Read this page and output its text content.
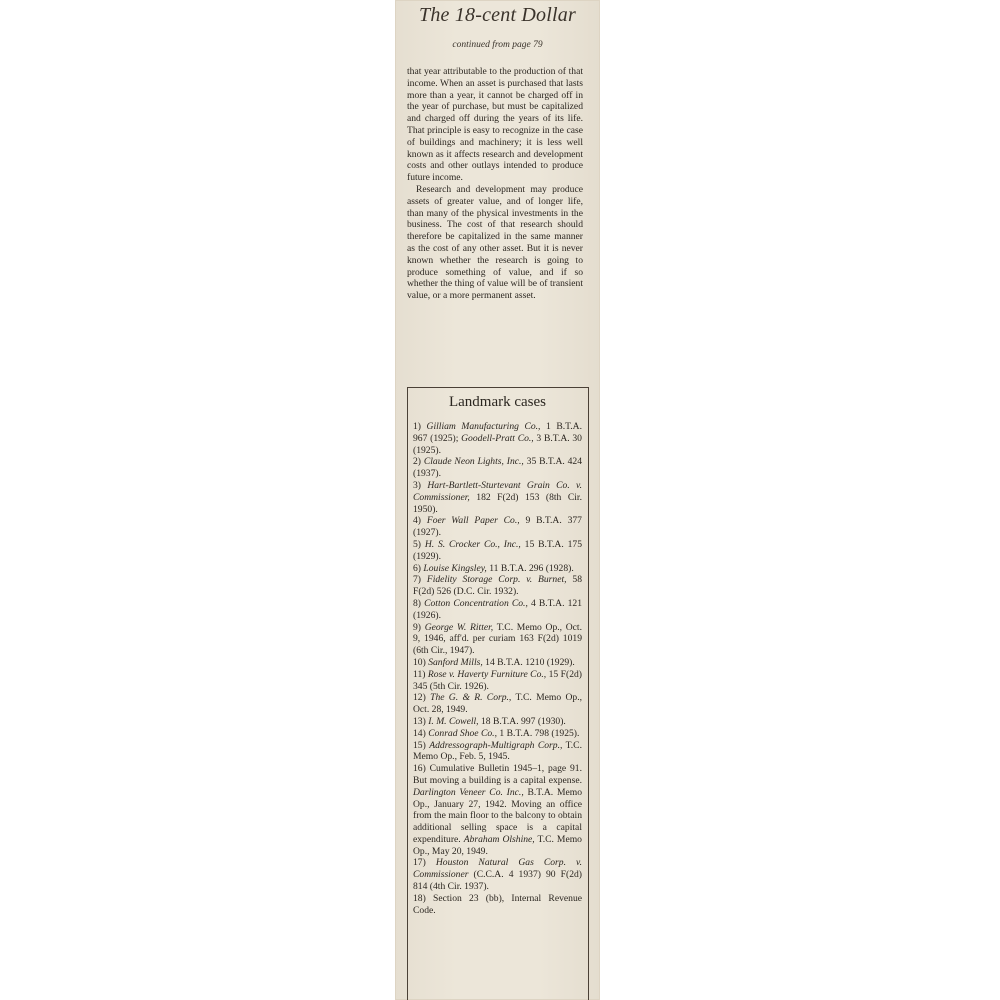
The 18-cent Dollar
continued from page 79

that year attributable to the production of that income. When an asset is purchased that lasts more than a year, it cannot be charged off in the year of purchase, but must be capitalized and charged off during the years of its life. That principle is easy to recognize in the case of buildings and machinery; it is less well known as it affects research and development costs and other outlays intended to produce future income.

Research and development may produce assets of greater value, and of longer life, than many of the physical investments in the business. The cost of that research should therefore be capitalized in the same manner as the cost of any other asset. But it is never known whether the research is going to produce something of value, and if so whether the thing of value will be of transient value, or a more permanent asset.

Landmark cases

1) Gilliam Manufacturing Co., 1 B.T.A. 967 (1925); Goodell-Pratt Co., 3 B.T.A. 30 (1925).

2) Claude Neon Lights, Inc., 35 B.T.A. 424 (1937).

3) Hart-Bartlett-Sturtevant Grain Co. v. Commissioner, 182 F(2d) 153 (8th Cir. 1950).

4) Foer Wall Paper Co., 9 B.T.A. 377 (1927).

5) H. S. Crocker Co., Inc., 15 B.T.A. 175 (1929).

6) Louise Kingsley, 11 B.T.A. 296 (1928).

7) Fidelity Storage Corp. v. Burnet, 58 F(2d) 526 (D.C. Cir. 1932).

8) Cotton Concentration Co., 4 B.T.A. 121 (1926).

9) George W. Ritter, T.C. Memo Op., Oct. 9, 1946, aff'd. per curiam 163 F(2d) 1019 (6th Cir., 1947).

10) Sanford Mills, 14 B.T.A. 1210 (1929).

11) Rose v. Haverty Furniture Co., 15 F(2d) 345 (5th Cir. 1926).

12) The G. & R. Corp., T.C. Memo Op., Oct. 28, 1949.

13) I. M. Cowell, 18 B.T.A. 997 (1930).

14) Conrad Shoe Co., 1 B.T.A. 798 (1925).

15) Addressograph-Multigraph Corp., T.C. Memo Op., Feb. 5, 1945.

16) Cumulative Bulletin 1945–1, page 91. But moving a building is a capital expense. Darlington Veneer Co. Inc., B.T.A. Memo Op., January 27, 1942. Moving an office from the main floor to the balcony to obtain additional selling space is a capital expenditure. Abraham Olshine, T.C. Memo Op., May 20, 1949.

17) Houston Natural Gas Corp. v. Commissioner (C.C.A. 4 1937) 90 F(2d) 814 (4th Cir. 1937).

18) Section 23 (bb), Internal Revenue Code.
